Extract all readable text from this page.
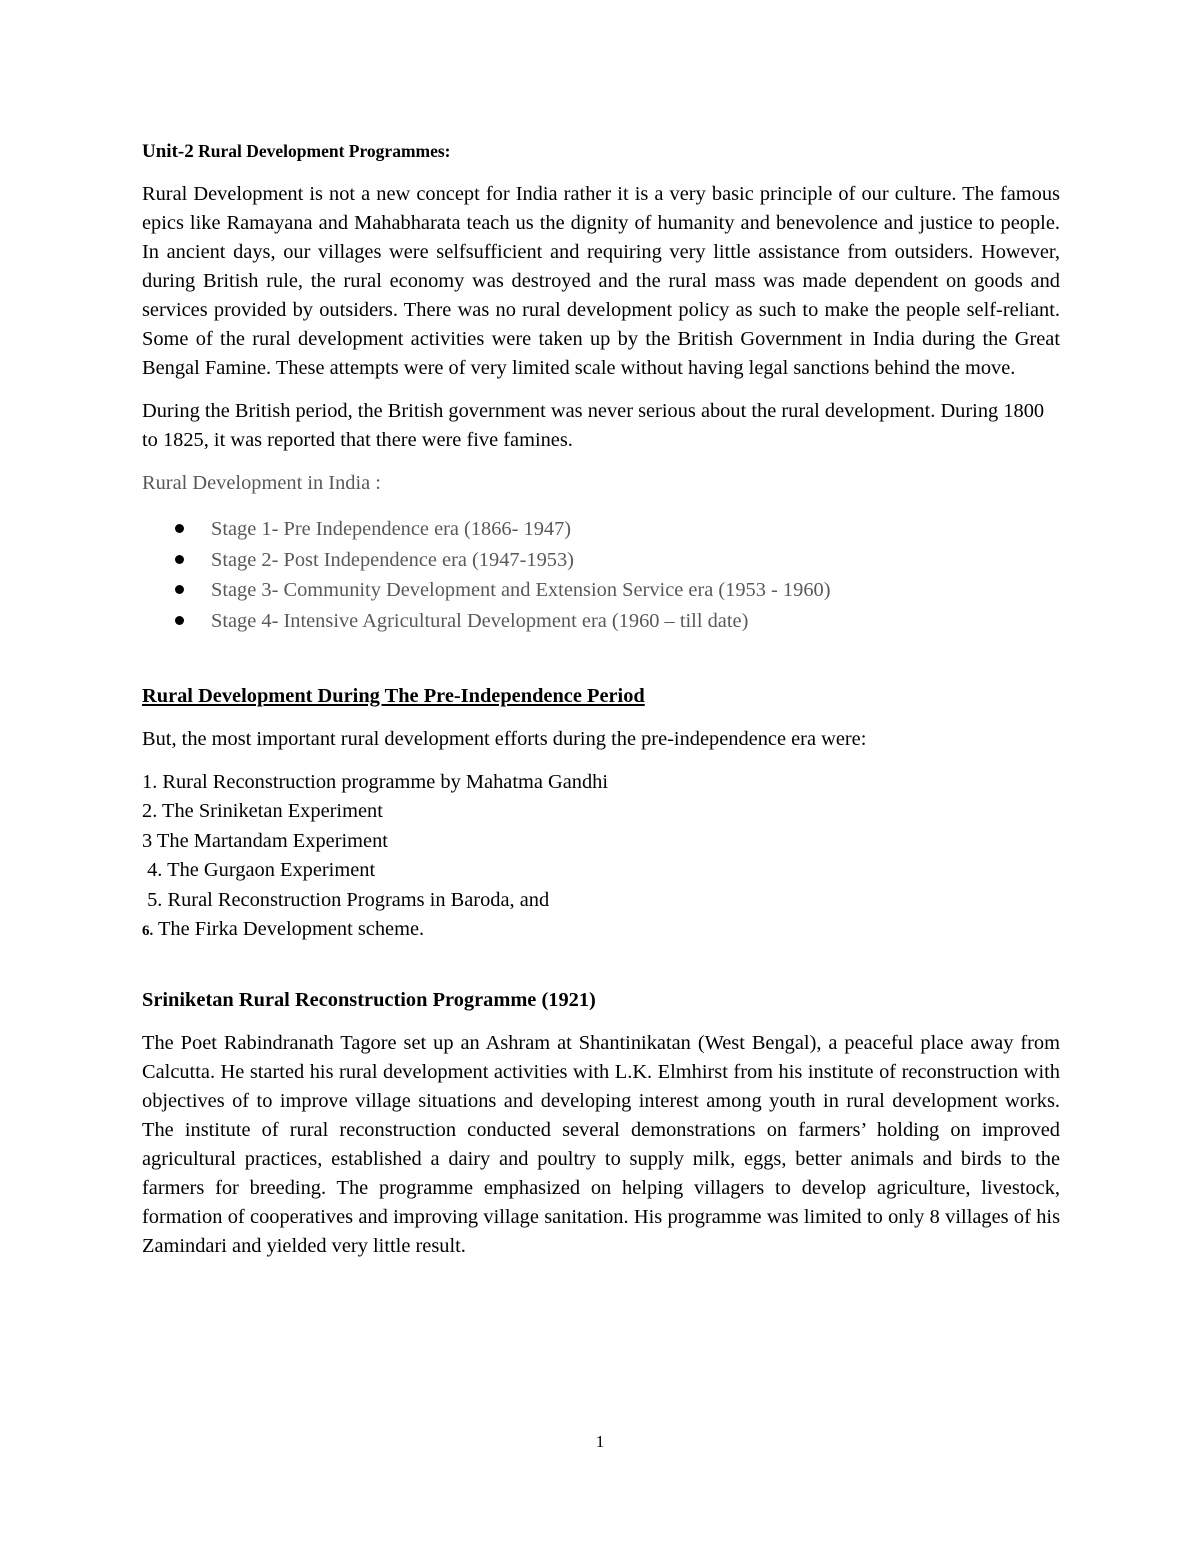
Unit-2 Rural Development Programmes:

Rural Development is not a new concept for India rather it is a very basic principle of our culture. The famous epics like Ramayana and Mahabharata teach us the dignity of humanity and benevolence and justice to people. In ancient days, our villages were selfsufficient and requiring very little assistance from outsiders. However, during British rule, the rural economy was destroyed and the rural mass was made dependent on goods and services provided by outsiders. There was no rural development policy as such to make the people self-reliant. Some of the rural development activities were taken up by the British Government in India during the Great Bengal Famine. These attempts were of very limited scale without having legal sanctions behind the move.

During the British period, the British government was never serious about the rural development. During 1800 to 1825, it was reported that there were five famines.

Rural Development in India :

Stage 1- Pre Independence era (1866- 1947)
Stage 2- Post Independence era (1947-1953)
Stage 3- Community Development and Extension Service era (1953 - 1960)
Stage 4- Intensive Agricultural Development era (1960 – till date)

Rural Development During The Pre-Independence Period

But, the most important rural development efforts during the pre-independence era were:

1. Rural Reconstruction programme by Mahatma Gandhi
2. The Sriniketan Experiment
3 The Martandam Experiment
4. The Gurgaon Experiment
5. Rural Reconstruction Programs in Baroda, and
6. The Firka Development scheme.

Sriniketan Rural Reconstruction Programme (1921)

The Poet Rabindranath Tagore set up an Ashram at Shantinikatan (West Bengal), a peaceful place away from Calcutta. He started his rural development activities with L.K. Elmhirst from his institute of reconstruction with objectives of to improve village situations and developing interest among youth in rural development works. The institute of rural reconstruction conducted several demonstrations on farmers’ holding on improved agricultural practices, established a dairy and poultry to supply milk, eggs, better animals and birds to the farmers for breeding. The programme emphasized on helping villagers to develop agriculture, livestock, formation of cooperatives and improving village sanitation. His programme was limited to only 8 villages of his Zamindari and yielded very little result.

1
